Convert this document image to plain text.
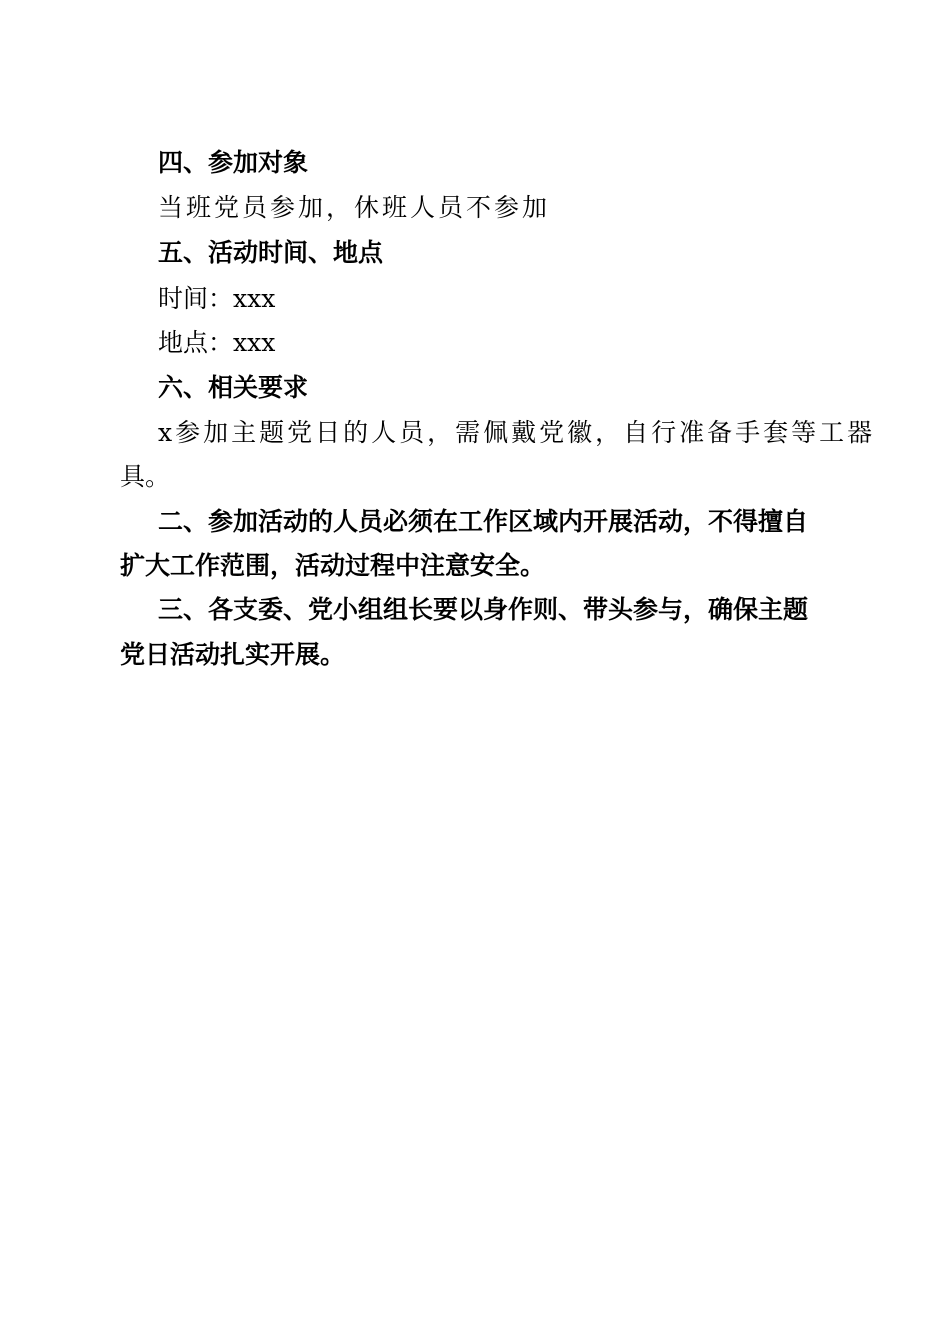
四、参加对象
当班党员参加，休班人员不参加
五、活动时间、地点
时间：xxx
地点：xxx
六、相关要求
x参加主题党日的人员，需佩戴党徽，自行准备手套等工器
具。
二、参加活动的人员必须在工作区域内开展活动，不得擅自
扩大工作范围，活动过程中注意安全。
三、各支委、党小组组长要以身作则、带头参与，确保主题
党日活动扎实开展。
